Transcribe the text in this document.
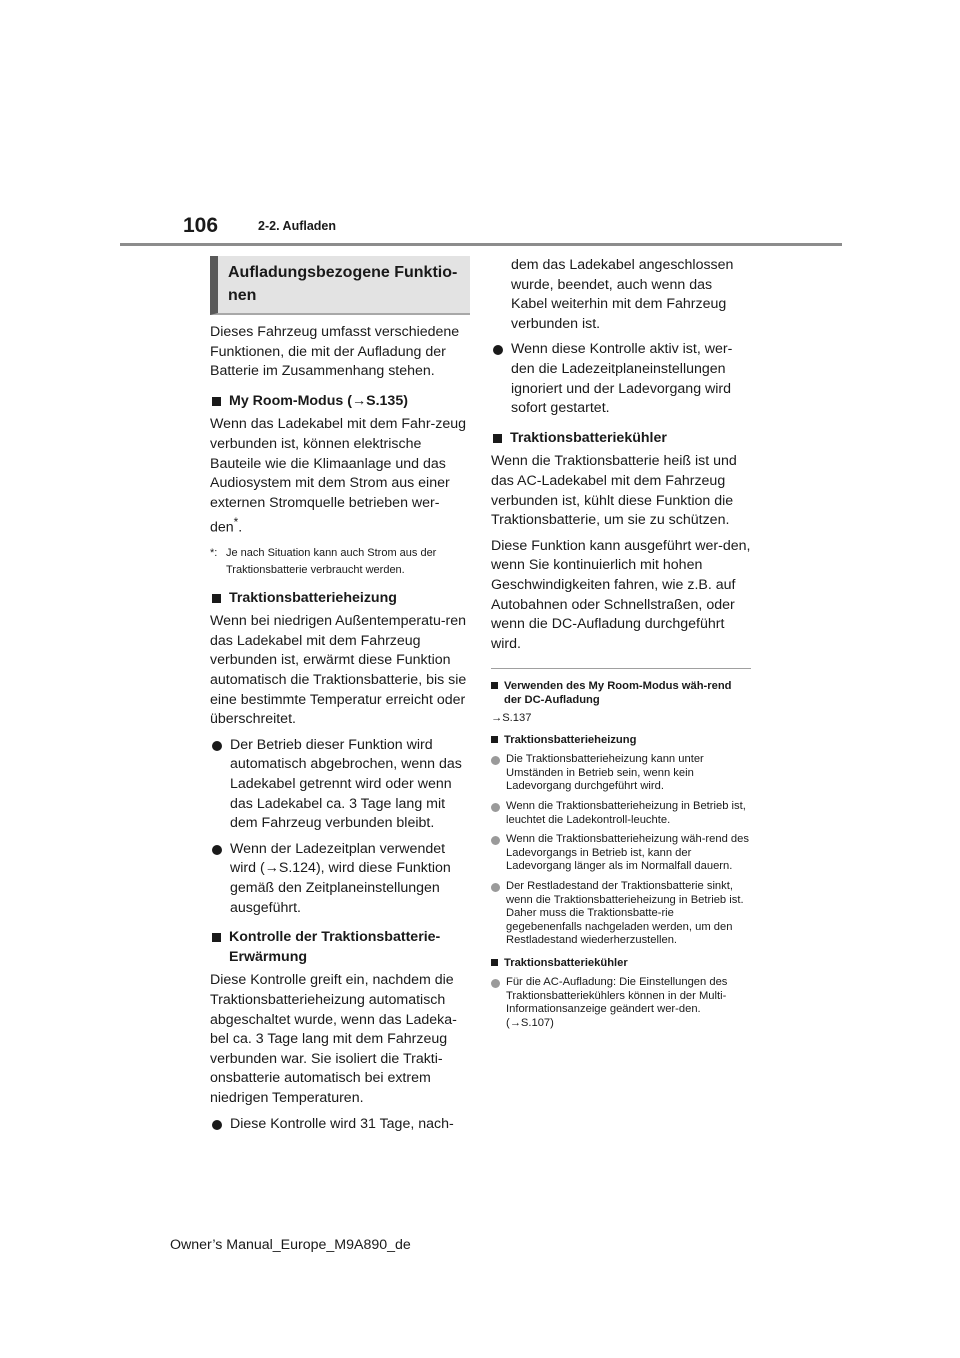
106	2-2. Aufladen
Aufladungsbezogene Funktio-
nen

Dieses Fahrzeug umfasst verschiedene Funktionen, die mit der Aufladung der Batterie im Zusammenhang stehen.

My Room-Modus (→S.135)

Wenn das Ladekabel mit dem Fahr-zeug verbunden ist, können elektrische Bauteile wie die Klimaanlage und das Audiosystem mit dem Strom aus einer externen Stromquelle betrieben wer-den*.

*: Je nach Situation kann auch Strom aus der Traktionsbatterie verbraucht werden.
Traktionsbatterieheizung

Wenn bei niedrigen Außentemperatu-ren das Ladekabel mit dem Fahrzeug verbunden ist, erwärmt diese Funktion automatisch die Traktionsbatterie, bis sie eine bestimmte Temperatur erreicht oder überschreitet.

Der Betrieb dieser Funktion wird automatisch abgebrochen, wenn das Ladekabel getrennt wird oder wenn das Ladekabel ca. 3 Tage lang mit dem Fahrzeug verbunden bleibt.
Wenn der Ladezeitplan verwendet wird (→S.124), wird diese Funktion gemäß den Zeitplaneinstellungen ausgeführt.
Kontrolle der Traktionsbatterie-Erwärmung

Diese Kontrolle greift ein, nachdem die Traktionsbatterieheizung automatisch abgeschaltet wurde, wenn das Ladeka-bel ca. 3 Tage lang mit dem Fahrzeug verbunden war. Sie isoliert die Trakti-onsbatterie automatisch bei extrem niedrigen Temperaturen.

Diese Kontrolle wird 31 Tage, nach-
dem das Ladekabel angeschlossen wurde, beendet, auch wenn das Kabel weiterhin mit dem Fahrzeug verbunden ist.
Wenn diese Kontrolle aktiv ist, wer-den die Ladezeitplaneinstellungen ignoriert und der Ladevorgang wird sofort gestartet.
Traktionsbatteriekühler

Wenn die Traktionsbatterie heiß ist und das AC-Ladekabel mit dem Fahrzeug verbunden ist, kühlt diese Funktion die Traktionsbatterie, um sie zu schützen.

Diese Funktion kann ausgeführt wer-den, wenn Sie kontinuierlich mit hohen Geschwindigkeiten fahren, wie z.B. auf Autobahnen oder Schnellstraßen, oder wenn die DC-Aufladung durchgeführt wird.

Verwenden des My Room-Modus wäh-rend der DC-Aufladung
→S.137
Traktionsbatterieheizung
Die Traktionsbatterieheizung kann unter Umständen in Betrieb sein, wenn kein Ladevorgang durchgeführt wird.
Wenn die Traktionsbatterieheizung in Betrieb ist, leuchtet die Ladekontroll-leuchte.
Wenn die Traktionsbatterieheizung wäh-rend des Ladevorgangs in Betrieb ist, kann der Ladevorgang länger als im Normalfall dauern.
Der Restladestand der Traktionsbatterie sinkt, wenn die Traktionsbatterieheizung in Betrieb ist. Daher muss die Traktionsbatte-rie gegebenenfalls nachgeladen werden, um den Restladestand wiederherzustellen.
Traktionsbatteriekühler
Für die AC-Aufladung: Die Einstellungen des Traktionsbatteriekühlers können in der Multi-Informationsanzeige geändert wer-den. (→S.107)
Owner’s Manual_Europe_M9A890_de
